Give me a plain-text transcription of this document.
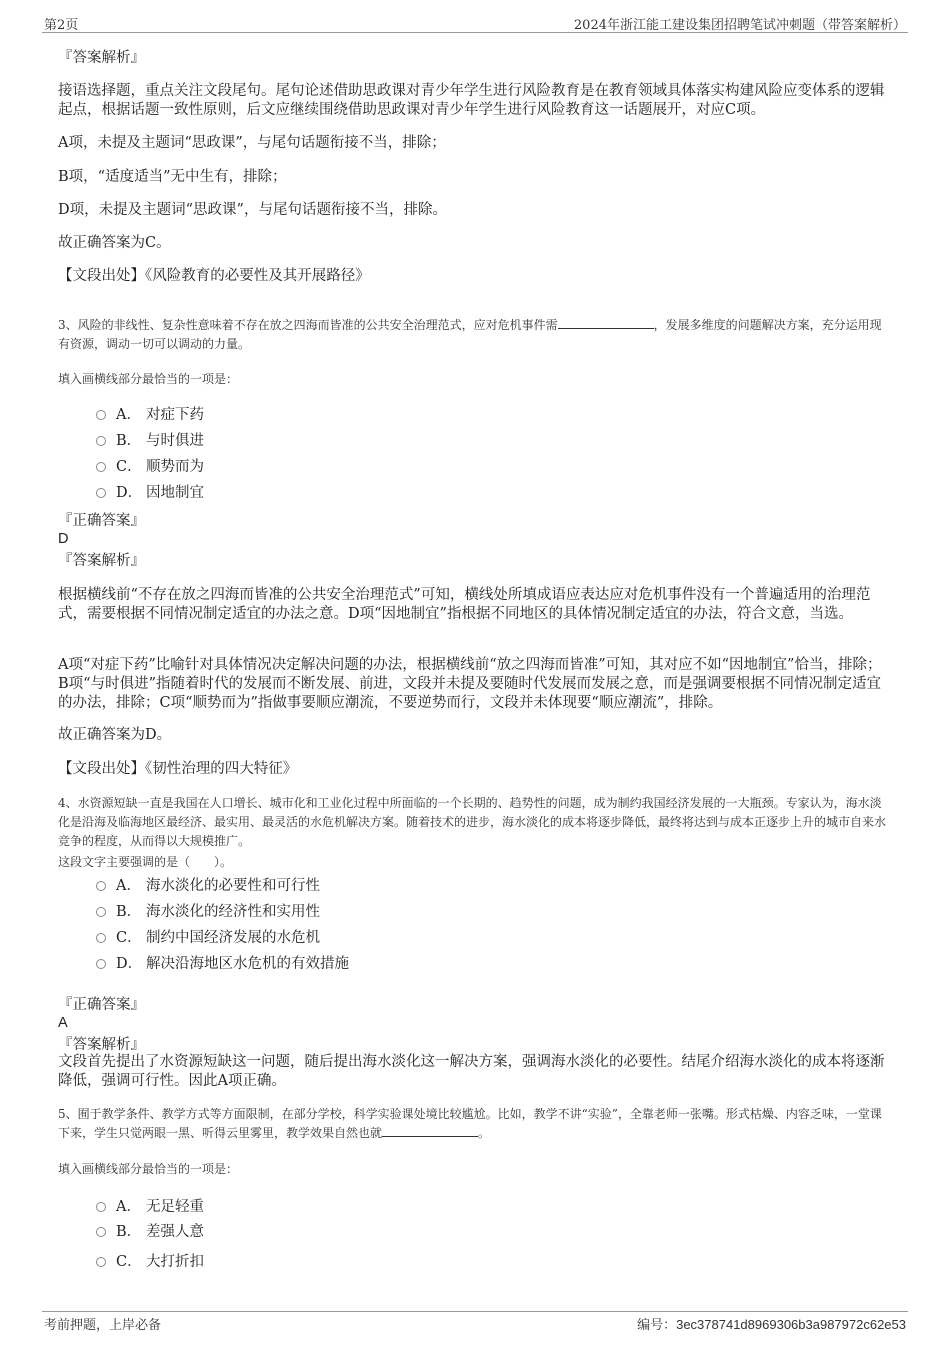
第2页	2024年浙江能工建设集团招聘笔试冲刺题（带答案解析）
『答案解析』
接语选择题，重点关注文段尾句。尾句论述借助思政课对青少年学生进行风险教育是在教育领域具体落实构建风险应变体系的逻辑起点，根据话题一致性原则，后文应继续围绕借助思政课对青少年学生进行风险教育这一话题展开，对应C项。
A项，未提及主题词“思政课”，与尾句话题衔接不当，排除；
B项，“适度适当”无中生有，排除；
D项，未提及主题词“思政课”，与尾句话题衔接不当，排除。
故正确答案为C。
【文段出处】《风险教育的必要性及其开展路径》
3、风险的非线性、复杂性意味着不存在放之四海而皆准的公共安全治理范式，应对危机事件需	，发展多维度的问题解决方案，充分运用现有资源，调动一切可以调动的力量。
填入画横线部分最恰当的一项是：
A． 对症下药
B． 与时俱进
C． 顺势而为
D． 因地制宜
『正确答案』
D
『答案解析』
根据横线前“不存在放之四海而皆准的公共安全治理范式”可知，横线处所填成语应表达应对危机事件没有一个普遍适用的治理范式，需要根据不同情况制定适宜的办法之意。D项“因地制宜”指根据不同地区的具体情况制定适宜的办法，符合文意，当选。
A项“对症下药”比喻针对具体情况决定解决问题的办法，根据横线前“放之四海而皆准”可知，其对应不如“因地制宜”恰当，排除；B项“与时俱进”指随着时代的发展而不断发展、前进，文段并未提及要随时代发展而发展之意，而是强调要根据不同情况制定适宜的办法，排除；C项“顺势而为”指做事要顺应潮流，不要逆势而行，文段并未体现要“顺应潮流”，排除。
故正确答案为D。
【文段出处】《韧性治理的四大特征》
4、水资源短缺一直是我国在人口增长、城市化和工业化过程中所面临的一个长期的、趋势性的问题，成为制约我国经济发展的一大瓶颈。专家认为，海水淡化是沿海及临海地区最经济、最实用、最灵活的水危机解决方案。随着技术的进步，海水淡化的成本将逐步降低，最终将达到与成本正逐步上升的城市自来水竞争的程度，从而得以大规模推广。
这段文字主要强调的是（　　）。
A． 海水淡化的必要性和可行性
B． 海水淡化的经济性和实用性
C． 制约中国经济发展的水危机
D． 解决沿海地区水危机的有效措施
『正确答案』
A
『答案解析』
文段首先提出了水资源短缺这一问题，随后提出海水淡化这一解决方案，强调海水淡化的必要性。结尾介绍海水淡化的成本将逐渐降低，强调可行性。因此A项正确。
5、囿于教学条件、教学方式等方面限制，在部分学校，科学实验课处境比较尴尬。比如，教学不讲“实验”，全靠老师一张嘴。形式枯燥、内容乏味，一堂课下来，学生只觉两眼一黑、听得云里雾里，教学效果自然也就	。
填入画横线部分最恰当的一项是：
A． 无足轻重
B． 差强人意
C． 大打折扣
考前押题，上岸必备	编号：3ec378741d8969306b3a987972c62e53
